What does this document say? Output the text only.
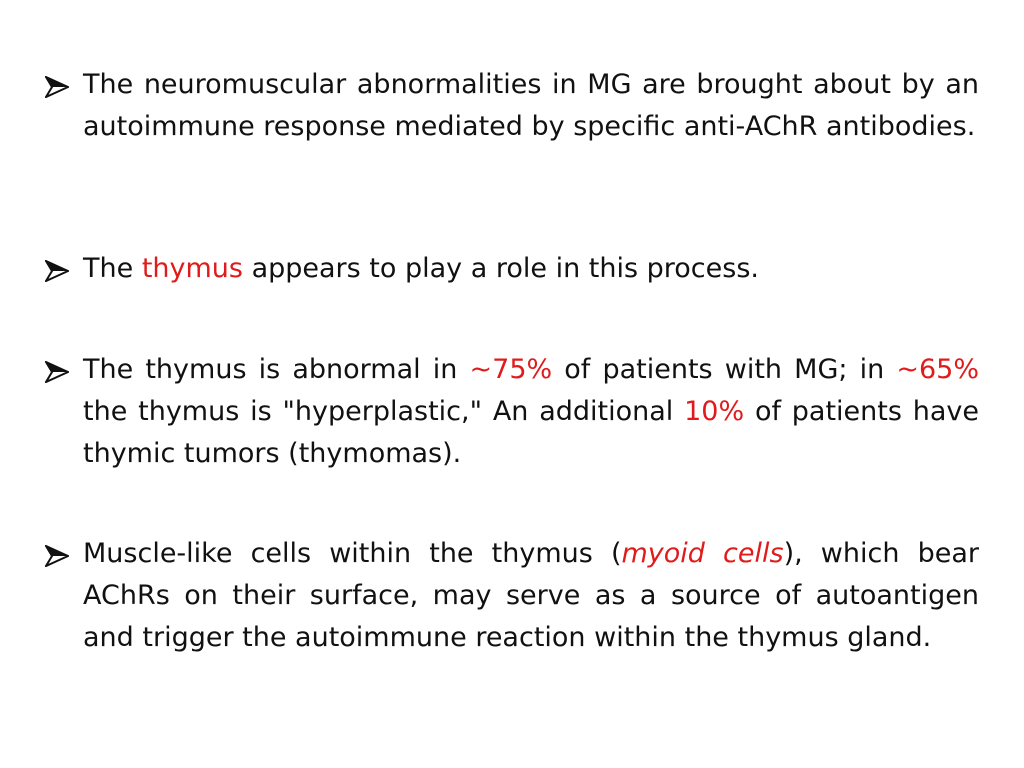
The neuromuscular abnormalities in MG are brought about by an autoimmune response mediated by specific anti-AChR antibodies.

The thymus appears to play a role in this process.

The thymus is abnormal in ~75% of patients with MG; in ~65% the thymus is "hyperplastic," An additional 10% of patients have thymic tumors (thymomas).

Muscle-like cells within the thymus (myoid cells), which bear AChRs on their surface, may serve as a source of autoantigen and trigger the autoimmune reaction within the thymus gland.
